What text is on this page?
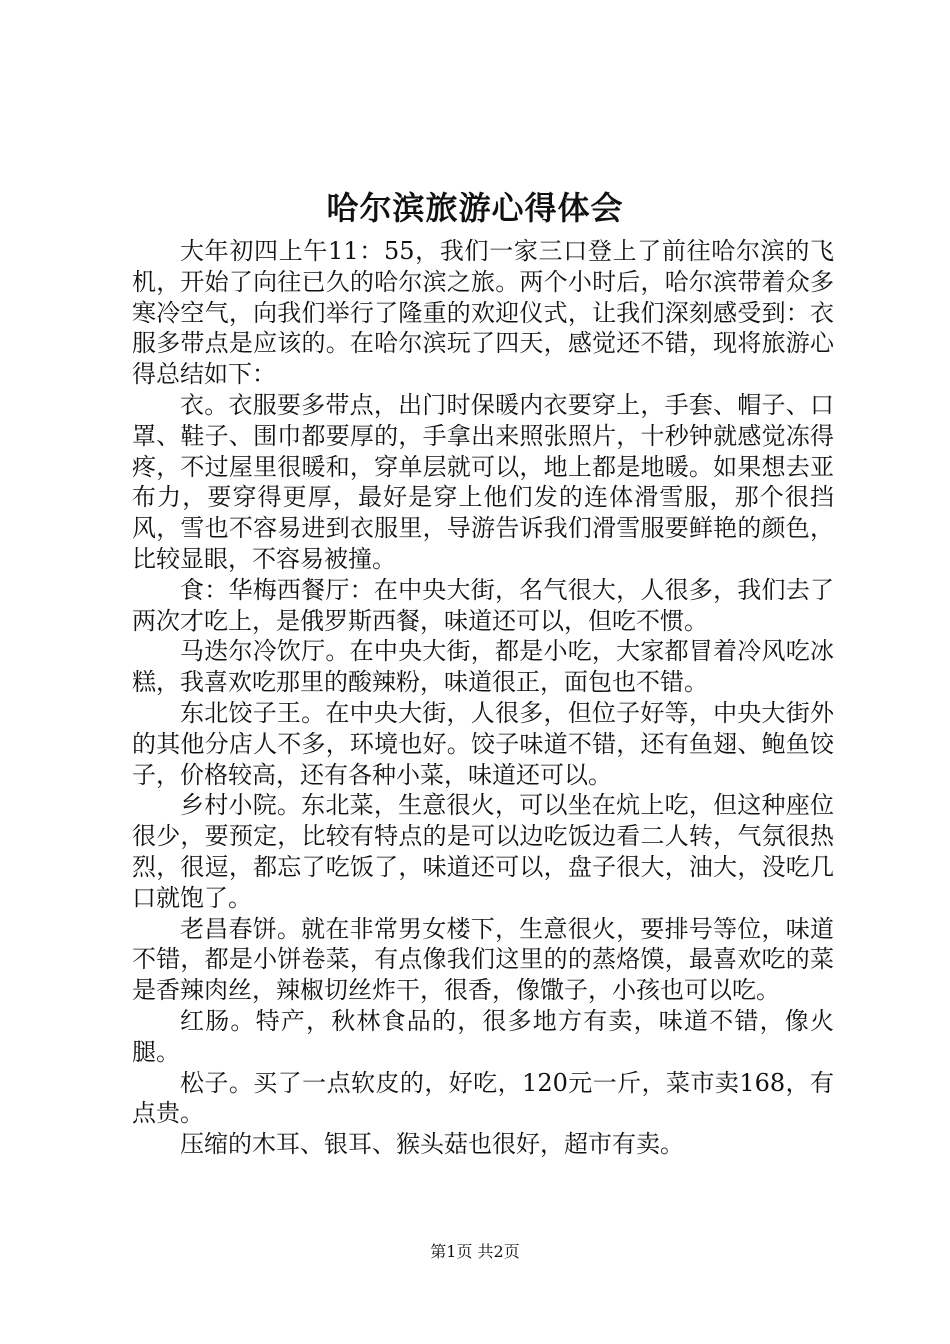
哈尔滨旅游心得体会

大年初四上午11：55，我们一家三口登上了前往哈尔滨的飞机，开始了向往已久的哈尔滨之旅。两个小时后，哈尔滨带着众多寒冷空气，向我们举行了隆重的欢迎仪式，让我们深刻感受到：衣服多带点是应该的。在哈尔滨玩了四天，感觉还不错，现将旅游心得总结如下：

衣。衣服要多带点，出门时保暖内衣要穿上，手套、帽子、口罩、鞋子、围巾都要厚的，手拿出来照张照片，十秒钟就感觉冻得疼，不过屋里很暖和，穿单层就可以，地上都是地暖。如果想去亚布力，要穿得更厚，最好是穿上他们发的连体滑雪服，那个很挡风，雪也不容易进到衣服里，导游告诉我们滑雪服要鲜艳的颜色，比较显眼，不容易被撞。

食：华梅西餐厅：在中央大街，名气很大，人很多，我们去了两次才吃上，是俄罗斯西餐，味道还可以，但吃不惯。

马迭尔冷饮厅。在中央大街，都是小吃，大家都冒着冷风吃冰糕，我喜欢吃那里的酸辣粉，味道很正，面包也不错。

东北饺子王。在中央大街，人很多，但位子好等，中央大街外的其他分店人不多，环境也好。饺子味道不错，还有鱼翅、鲍鱼饺子，价格较高，还有各种小菜，味道还可以。

乡村小院。东北菜，生意很火，可以坐在炕上吃，但这种座位很少，要预定，比较有特点的是可以边吃饭边看二人转，气氛很热烈，很逗，都忘了吃饭了，味道还可以，盘子很大，油大，没吃几口就饱了。

老昌春饼。就在非常男女楼下，生意很火，要排号等位，味道不错，都是小饼卷菜，有点像我们这里的的蒸烙馍，最喜欢吃的菜是香辣肉丝，辣椒切丝炸干，很香，像馓子，小孩也可以吃。

红肠。特产，秋林食品的，很多地方有卖，味道不错，像火腿。

松子。买了一点软皮的，好吃，120元一斤，菜市卖168，有点贵。

压缩的木耳、银耳、猴头菇也很好，超市有卖。

第1页 共2页
